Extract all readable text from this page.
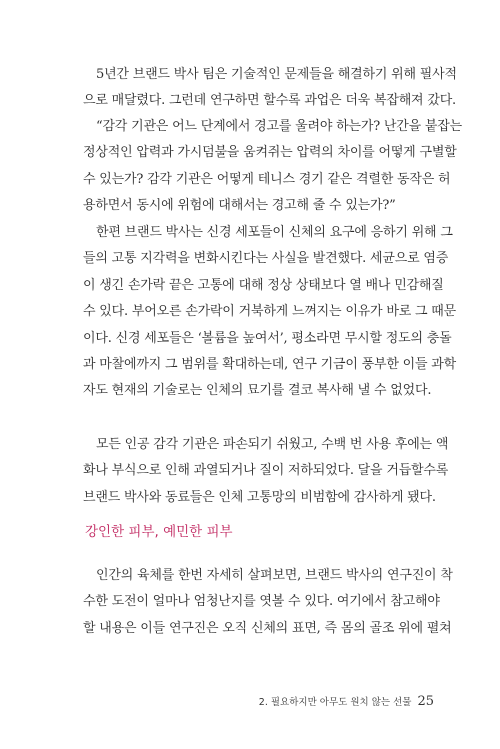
5년간 브랜드 박사 팀은 기술적인 문제들을 해결하기 위해 필사적
으로 매달렸다. 그런데 연구하면 할수록 과업은 더욱 복잡해져 갔다.
“감각 기관은 어느 단계에서 경고를 울려야 하는가? 난간을 붙잡는
정상적인 압력과 가시덤불을 움켜쥐는 압력의 차이를 어떻게 구별할
수 있는가? 감각 기관은 어떻게 테니스 경기 같은 격렬한 동작은 허
용하면서 동시에 위험에 대해서는 경고해 줄 수 있는가?”
한편 브랜드 박사는 신경 세포들이 신체의 요구에 응하기 위해 그
들의 고통 지각력을 변화시킨다는 사실을 발견했다. 세균으로 염증
이 생긴 손가락 끝은 고통에 대해 정상 상태보다 열 배나 민감해질
수 있다. 부어오른 손가락이 거북하게 느껴지는 이유가 바로 그 때문
이다. 신경 세포들은 ‘볼륨을 높여서’, 평소라면 무시할 정도의 충돌
과 마찰에까지 그 범위를 확대하는데, 연구 기금이 풍부한 이들 과학
자도 현재의 기술로는 인체의 묘기를 결코 복사해 낼 수 없었다.
모든 인공 감각 기관은 파손되기 쉬웠고, 수백 번 사용 후에는 액
화나 부식으로 인해 과열되거나 질이 저하되었다. 달을 거듭할수록
브랜드 박사와 동료들은 인체 고통망의 비범함에 감사하게 됐다.
강인한 피부, 예민한 피부
인간의 육체를 한번 자세히 살펴보면, 브랜드 박사의 연구진이 착
수한 도전이 얼마나 엄청난지를 엿볼 수 있다. 여기에서 참고해야
할 내용은 이들 연구진은 오직 신체의 표면, 즉 몸의 골조 위에 펼쳐
2. 필요하지만 아무도 원치 않는 선물 25
